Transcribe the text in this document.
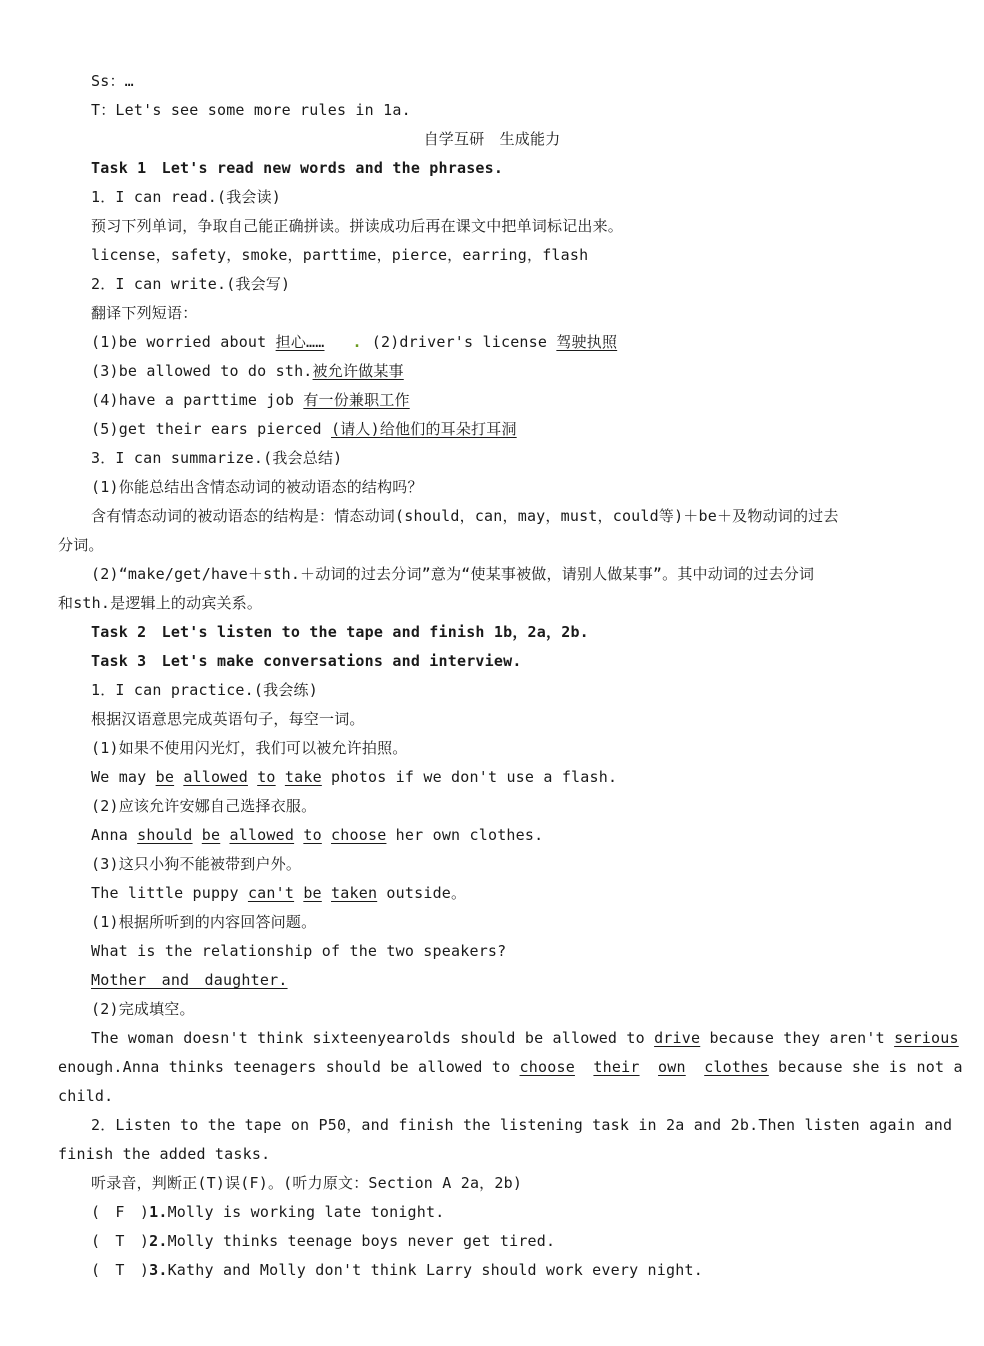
Ss：…
T：Let's see some more rules in 1a.
自学互研　生成能力
Task 1　Let's read new words and the phrases.
1．I can read.(我会读)
预习下列单词，争取自己能正确拼读。拼读成功后再在课文中把单词标记出来。
license，safety，smoke，parttime，pierce，earring，flash
2．I can write.(我会写)
翻译下列短语：
(1)be worried about 担心…… . (2)driver's license 驾驶执照
(3)be allowed to do sth.被允许做某事
(4)have a parttime job 有一份兼职工作
(5)get their ears pierced (请人)给他们的耳朵打耳洞
3．I can summarize.(我会总结)
(1)你能总结出含情态动词的被动语态的结构吗？
含有情态动词的被动语态的结构是：情态动词(should，can，may，must，could等)＋be＋及物动词的过去
分词。
(2)“make/get/have＋sth.＋动词的过去分词”意为“使某事被做，请别人做某事”。其中动词的过去分词
和sth.是逻辑上的动宾关系。
Task 2　Let's listen to the tape and finish 1b，2a，2b.
Task 3　Let's make conversations and interview.
1．I can practice.(我会练)
根据汉语意思完成英语句子，每空一词。
(1)如果不使用闪光灯，我们可以被允许拍照。
We may be allowed to take photos if we don't use a flash.
(2)应该允许安娜自己选择衣服。
Anna should be allowed to choose her own clothes.
(3)这只小狗不能被带到户外。
The little puppy can't be taken outside。
(1)根据所听到的内容回答问题。
What is the relationship of the two speakers?
Mother　and　daughter.
(2)完成填空。
The woman doesn't think sixteenyearolds should be allowed to drive because they aren't serious
enough.Anna thinks teenagers should be allowed to choose their own clothes because she is not a
child.
2．Listen to the tape on P50，and finish the listening task in 2a and 2b.Then listen again and
finish the added tasks.
听录音，判断正(T)误(F)。(听力原文：Section A 2a，2b)
(　F　)1.Molly is working late tonight.
(　T　)2.Molly thinks teenage boys never get tired.
(　T　)3.Kathy and Molly don't think Larry should work every night.
